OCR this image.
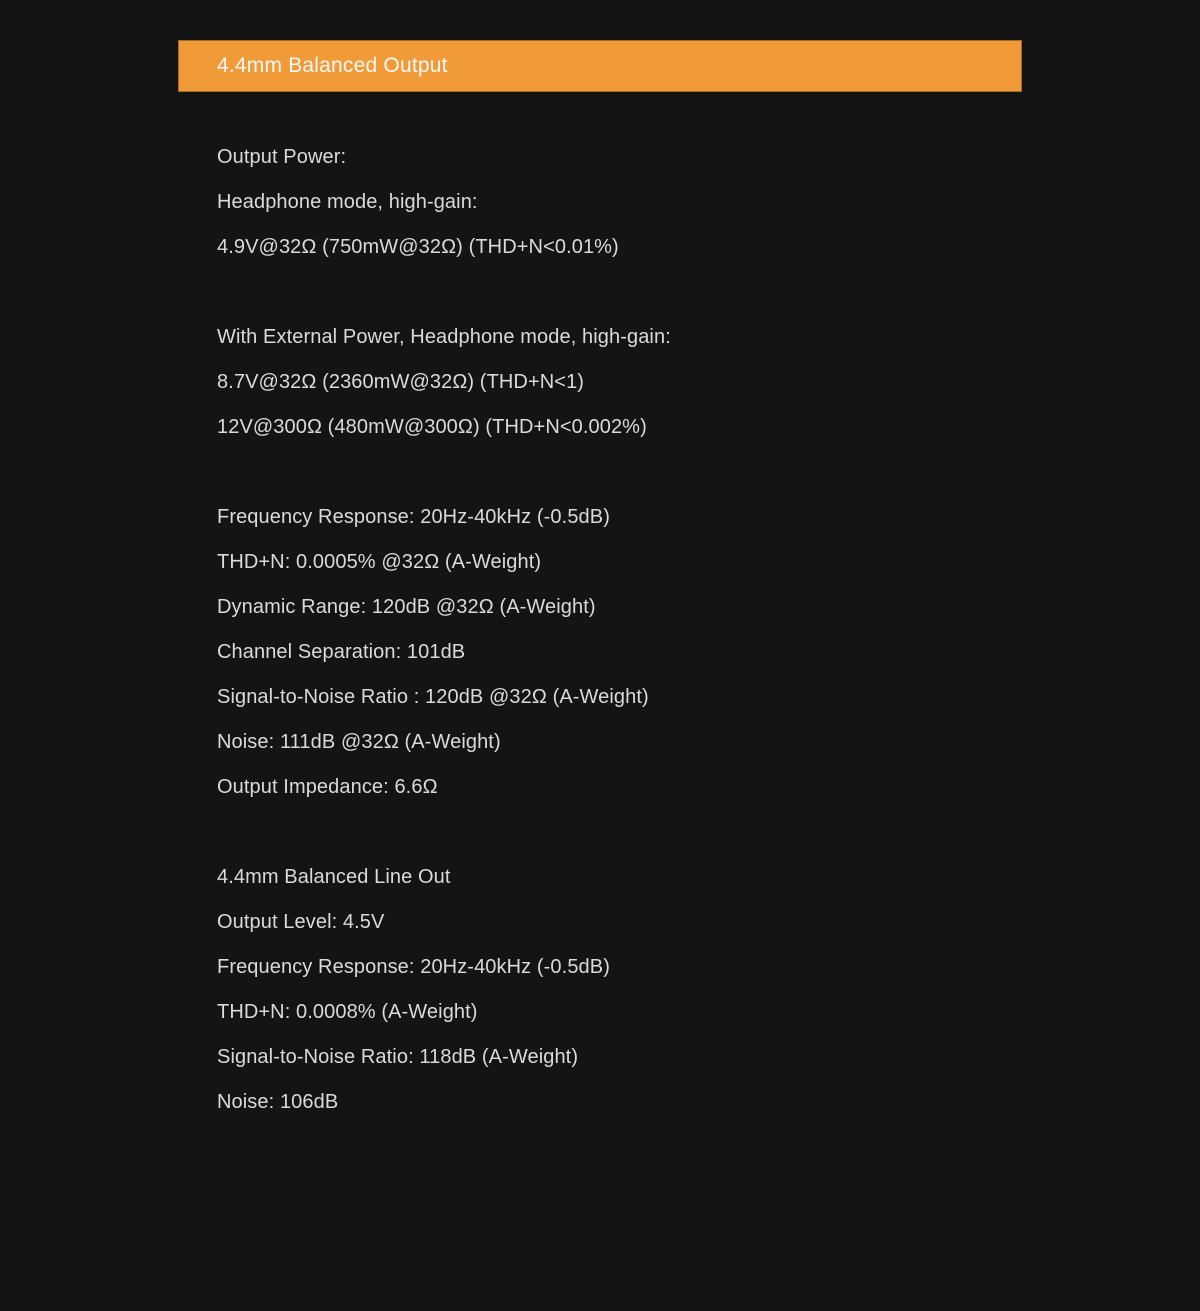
4.4mm Balanced Output

Output Power:

Headphone mode, high-gain:

4.9V@32Ω (750mW@32Ω) (THD+N<0.01%)

With External Power, Headphone mode, high-gain:

8.7V@32Ω (2360mW@32Ω) (THD+N<1)

12V@300Ω (480mW@300Ω) (THD+N<0.002%)

Frequency Response: 20Hz-40kHz (-0.5dB)

THD+N: 0.0005% @32Ω (A-Weight)

Dynamic Range: 120dB @32Ω (A-Weight)

Channel Separation: 101dB

Signal-to-Noise Ratio : 120dB @32Ω (A-Weight)

Noise: 111dB @32Ω (A-Weight)

Output Impedance: 6.6Ω

4.4mm Balanced Line Out

Output Level: 4.5V

Frequency Response: 20Hz-40kHz (-0.5dB)

THD+N: 0.0008% (A-Weight)

Signal-to-Noise Ratio: 118dB (A-Weight)

Noise: 106dB
